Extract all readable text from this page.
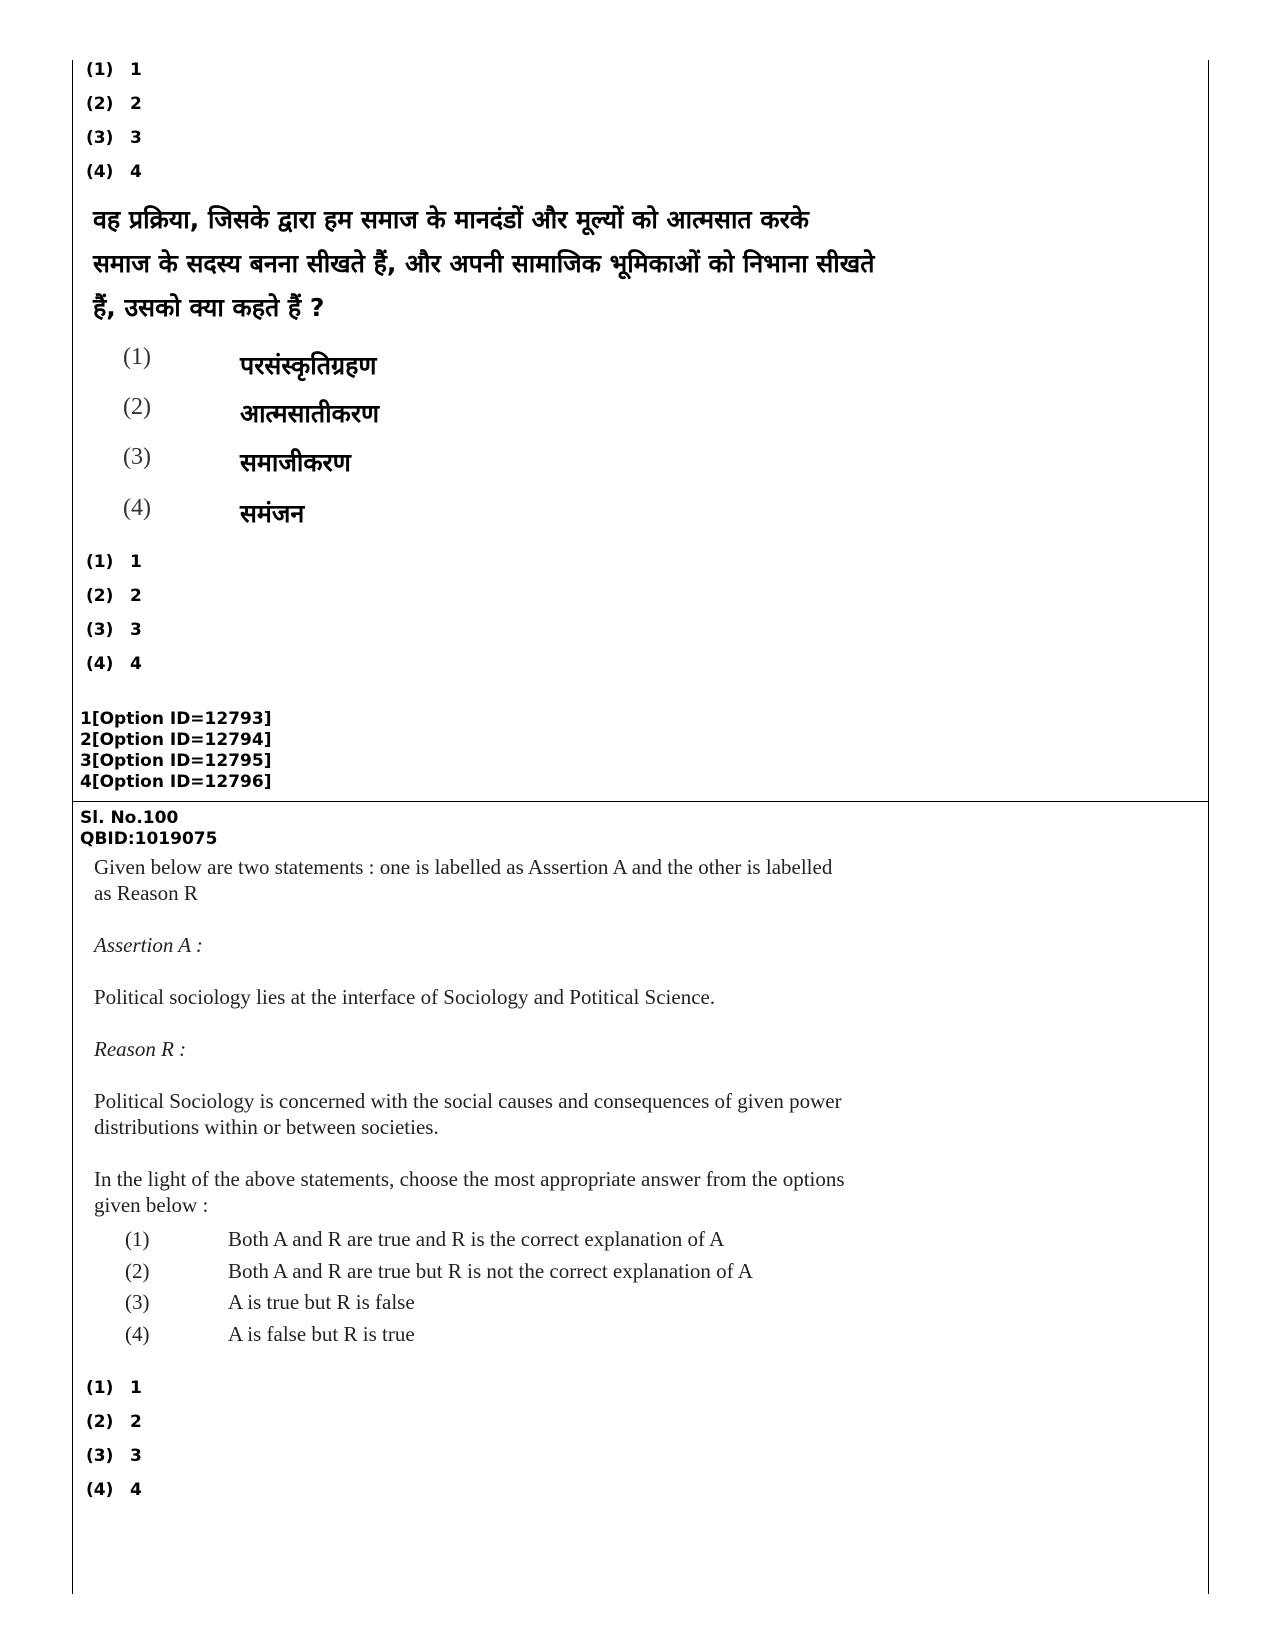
(1) 1
(2) 2
(3) 3
(4) 4
वह प्रक्रिया, जिसके द्वारा हम समाज के मानदंडों और मूल्यों को आत्मसात करके
समाज के सदस्य बनना सीखते हैं, और अपनी सामाजिक भूमिकाओं को निभाना सीखते
हैं, उसको क्या कहते हैं ?
(1)	परसंस्कृतिग्रहण
(2)	आत्मसातीकरण
(3)	समाजीकरण
(4)	समंजन
(1) 1
(2) 2
(3) 3
(4) 4
1[Option ID=12793]
2[Option ID=12794]
3[Option ID=12795]
4[Option ID=12796]
Sl. No.100
QBID:1019075
Given below are two statements : one is labelled as Assertion A and the other is labelled
as Reason R
Assertion A :
Political sociology lies at the interface of Sociology and Potitical Science.
Reason R :
Political Sociology is concerned with the social causes and consequences of given power
distributions within or between societies.
In the light of the above statements, choose the most appropriate answer from the options
given below :
(1)	Both A and R are true and R is the correct explanation of A
(2)	Both A and R are true but R is not the correct explanation of A
(3)	A is true but R is false
(4)	A is false but R is true
(1) 1
(2) 2
(3) 3
(4) 4
